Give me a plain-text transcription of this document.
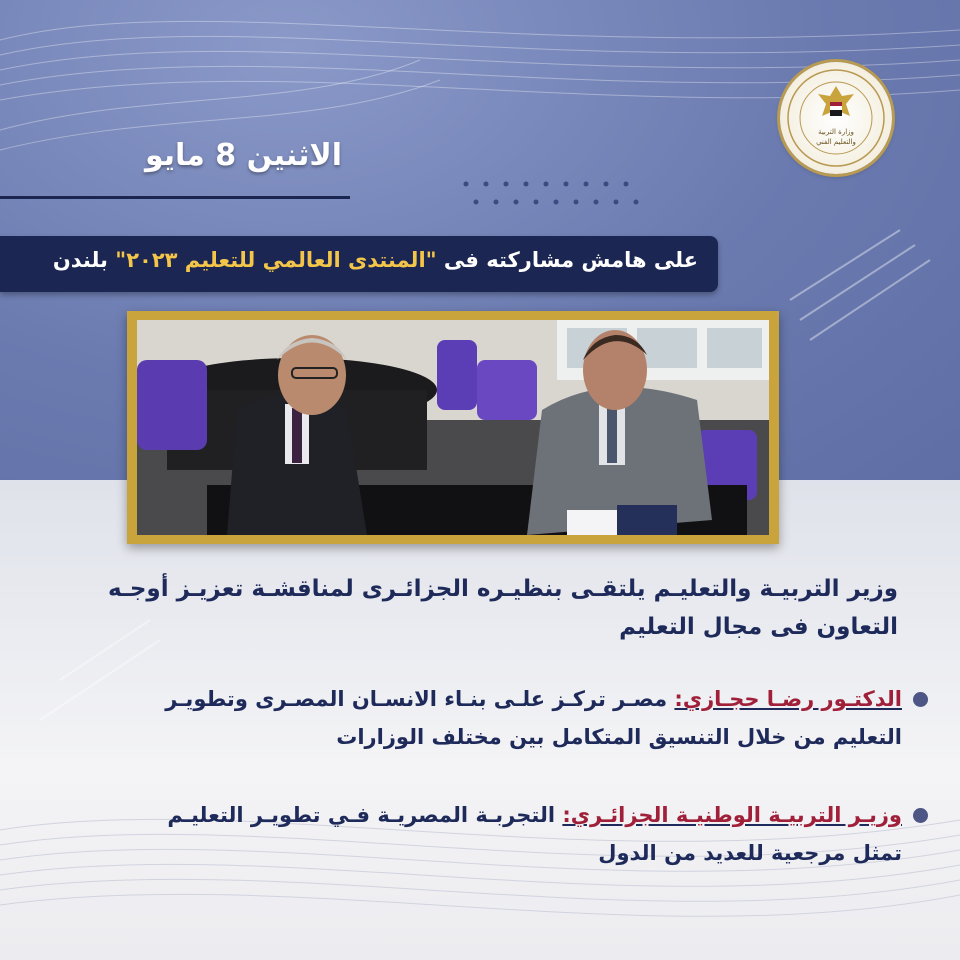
وزارة التربية
والتعليم الفني
الاثنين 8 مايو
على هامش مشاركته فى "المنتدى العالمي للتعليم ٢٠٢٣" بلندن
وزير التربيـة والتعليـم يلتقـى بنظيـره الجزائـرى لمناقشـة تعزيـز أوجـه
التعاون فى مجال التعليم
الدكتـور رضـا حجـازي: مصـر تركـز علـى بنـاء الانسـان المصـرى وتطويـر
التعليم من خلال التنسيق المتكامل بين مختلف الوزارات
وزيـر التربيـة الوطنيـة الجزائـري: التجربـة المصريـة فـي تطويـر التعليـم
تمثل مرجعية للعديد من الدول
